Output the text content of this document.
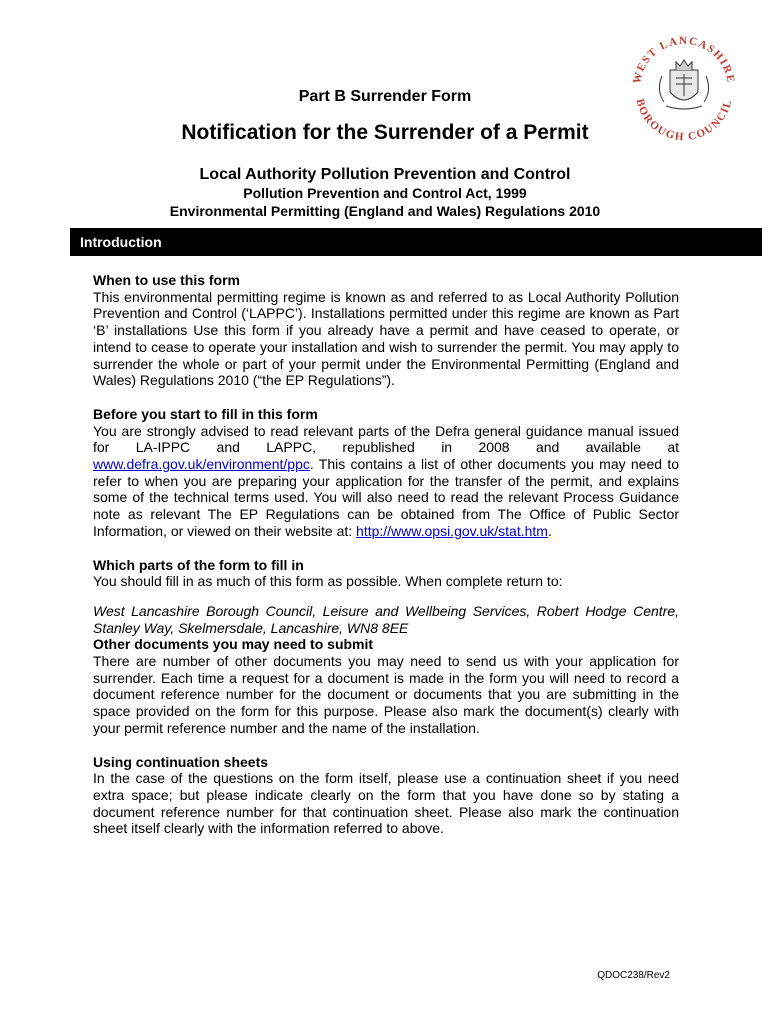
WEST LANCASHIRE
BOROUGH COUNCIL
Part B Surrender Form
Notification for the Surrender of a Permit
Local Authority Pollution Prevention and Control
Pollution Prevention and Control Act, 1999
Environmental Permitting (England and Wales) Regulations 2010
Introduction
When to use this form

This environmental permitting regime is known as and referred to as Local Authority Pollution Prevention and Control (‘LAPPC’). Installations permitted under this regime are known as Part ‘B’ installations Use this form if you already have a permit and have ceased to operate, or intend to cease to operate your installation and wish to surrender the permit. You may apply to surrender the whole or part of your permit under the Environmental Permitting (England and Wales) Regulations 2010 (“the EP Regulations”).

Before you start to fill in this form

You are strongly advised to read relevant parts of the Defra general guidance manual issued for LA-IPPC and LAPPC, republished in 2008 and available at www.defra.gov.uk/environment/ppc. This contains a list of other documents you may need to refer to when you are preparing your application for the transfer of the permit, and explains some of the technical terms used. You will also need to read the relevant Process Guidance note as relevant The EP Regulations can be obtained from The Office of Public Sector Information, or viewed on their website at: http://www.opsi.gov.uk/stat.htm.

Which parts of the form to fill in

You should fill in as much of this form as possible. When complete return to:

West Lancashire Borough Council, Leisure and Wellbeing Services, Robert Hodge Centre, Stanley Way, Skelmersdale, Lancashire, WN8 8EE

Other documents you may need to submit

There are number of other documents you may need to send us with your application for surrender. Each time a request for a document is made in the form you will need to record a document reference number for the document or documents that you are submitting in the space provided on the form for this purpose. Please also mark the document(s) clearly with your permit reference number and the name of the installation.

Using continuation sheets

In the case of the questions on the form itself, please use a continuation sheet if you need extra space; but please indicate clearly on the form that you have done so by stating a document reference number for that continuation sheet. Please also mark the continuation sheet itself clearly with the information referred to above.

QDOC238/Rev2
